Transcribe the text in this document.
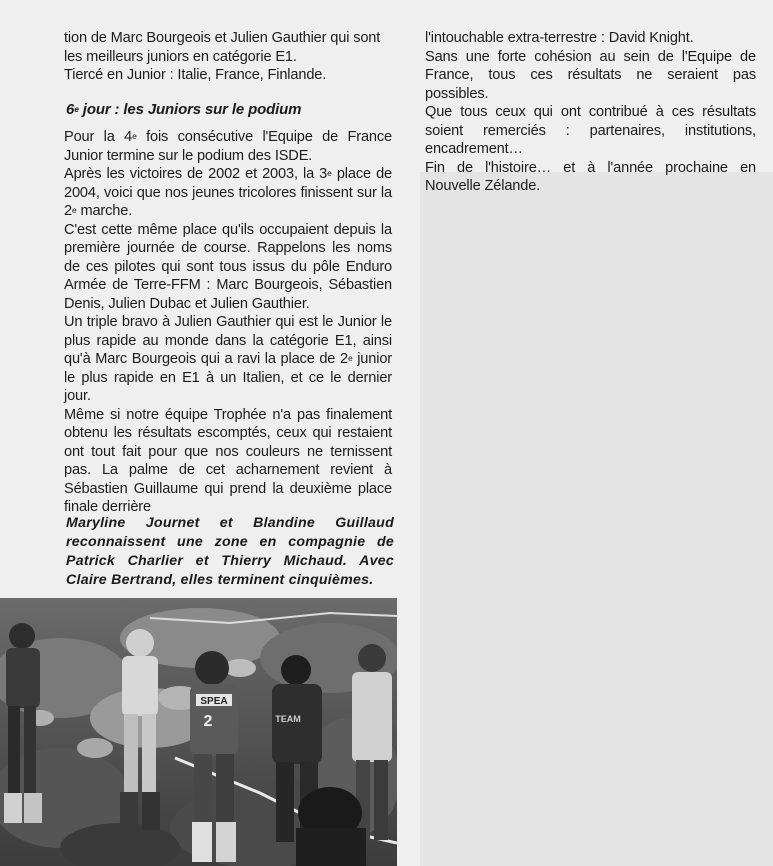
tion de Marc Bourgeois et Julien Gauthier qui sont

les meilleurs juniors en catégorie E1.

Tiercé en Junior : Italie, France, Finlande.

6e jour : les Juniors sur le podium

Pour la 4e fois consécutive l'Equipe de France Junior termine sur le podium des ISDE.

Après les victoires de 2002 et 2003, la 3e place de 2004, voici que nos jeunes tricolores finissent sur la 2e marche.

C'est cette même place qu'ils occupaient depuis la première journée de course. Rappelons les noms de ces pilotes qui sont tous issus du pôle Enduro Armée de Terre-FFM : Marc Bourgeois, Sébastien Denis, Julien Dubac et Julien Gauthier.

Un triple bravo à Julien Gauthier qui est le Junior le plus rapide au monde dans la catégorie E1, ainsi qu'à Marc Bourgeois qui a ravi la place de 2e junior le plus rapide en E1 à un Italien, et ce le dernier jour.

Même si notre équipe Trophée n'a pas finalement obtenu les résultats escomptés, ceux qui restaient ont tout fait pour que nos couleurs ne ternissent pas. La palme de cet acharnement revient à Sébastien Guillaume qui prend la deuxième place finale derrière

l'intouchable extra-terrestre : David Knight.

Sans une forte cohésion au sein de l'Equipe de France, tous ces résultats ne seraient pas possibles.

Que tous ceux qui ont contribué à ces résultats soient remerciés : partenaires, institutions, encadrement…

Fin de l'histoire… et à l'année prochaine en Nouvelle Zélande.

Maryline Journet et Blandine Guillaud reconnaissent une zone en compagnie de Patrick Charlier et Thierry Michaud. Avec Claire Bertrand, elles terminent cinquièmes.
SPEA
2	TEAM
